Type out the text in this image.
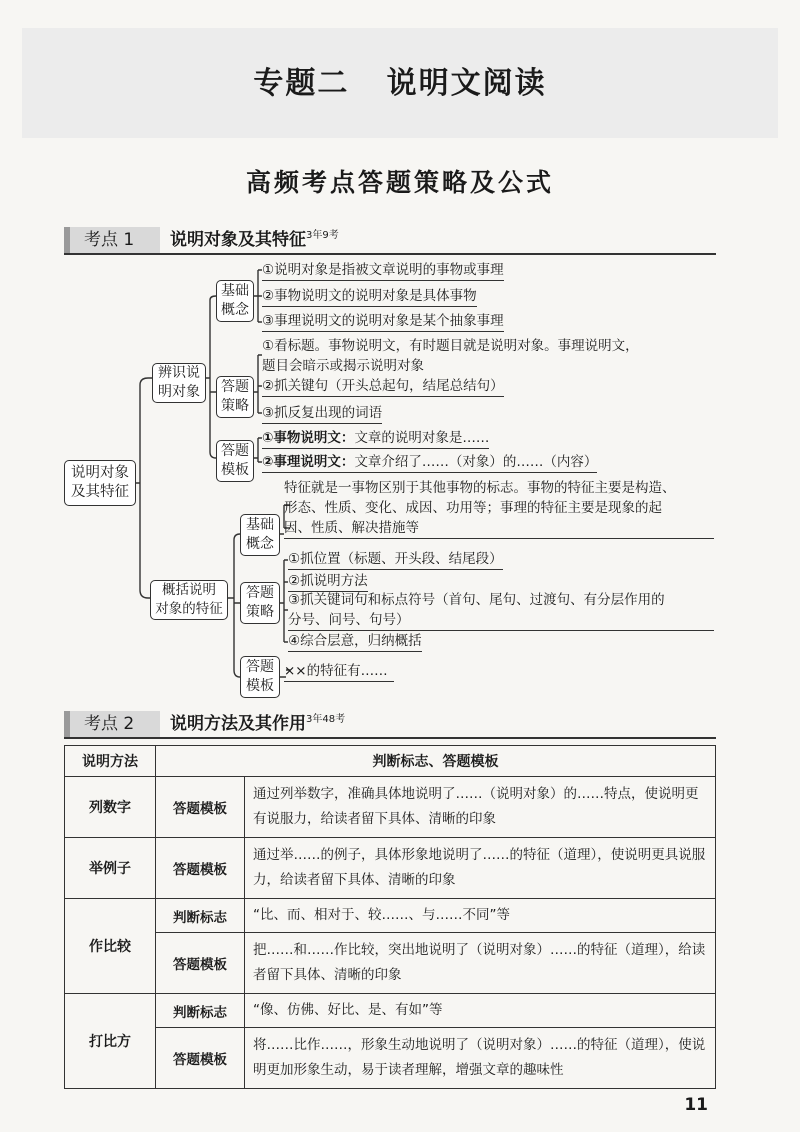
专题二   说明文阅读
高频考点答题策略及公式
考点 1	说明对象及其特征$^{3年9考}$
说明对象
及其特征
辨识说
明对象
基础
概念
答题
策略
答题
模板
①说明对象是指被文章说明的事物或事理
②事物说明文的说明对象是具体事物
③事理说明文的说明对象是某个抽象事理
①看标题。事物说明文，有时题目就是说明对象。事理说明文，
题目会暗示或揭示说明对象
②抓关键句（开头总起句，结尾总结句）
③抓反复出现的词语
①事物说明文：文章的说明对象是……
②事理说明文：文章介绍了……（对象）的……（内容）
概括说明
对象的特征
基础
概念
答题
策略
答题
模板
特征就是一事物区别于其他事物的标志。事物的特征主要是构造、
形态、性质、变化、成因、功用等；事理的特征主要是现象的起
因、性质、解决措施等
①抓位置（标题、开头段、结尾段）
②抓说明方法
③抓关键词句和标点符号（首句、尾句、过渡句、有分层作用的
分号、问号、句号）
④综合层意，归纳概括
××的特征有……
考点 2	说明方法及其作用$^{3年48考}$
说明方法	判断标志、答题模板	
列数字	答题模板	通过列举数字，准确具体地说明了……（说明对象）的……特点，使说明更有说服力，给读者留下具体、清晰的印象
举例子	答题模板	通过举……的例子，具体形象地说明了……的特征（道理），使说明更具说服力，给读者留下具体、清晰的印象
作比较	判断标志	“比、而、相对于、较……、与……不同”等
	答题模板	把……和……作比较，突出地说明了（说明对象）……的特征（道理），给读者留下具体、清晰的印象
打比方	判断标志	“像、仿佛、好比、是、有如”等
	答题模板	将……比作……，形象生动地说明了（说明对象）……的特征（道理），使说明更加形象生动，易于读者理解，增强文章的趣味性
11
